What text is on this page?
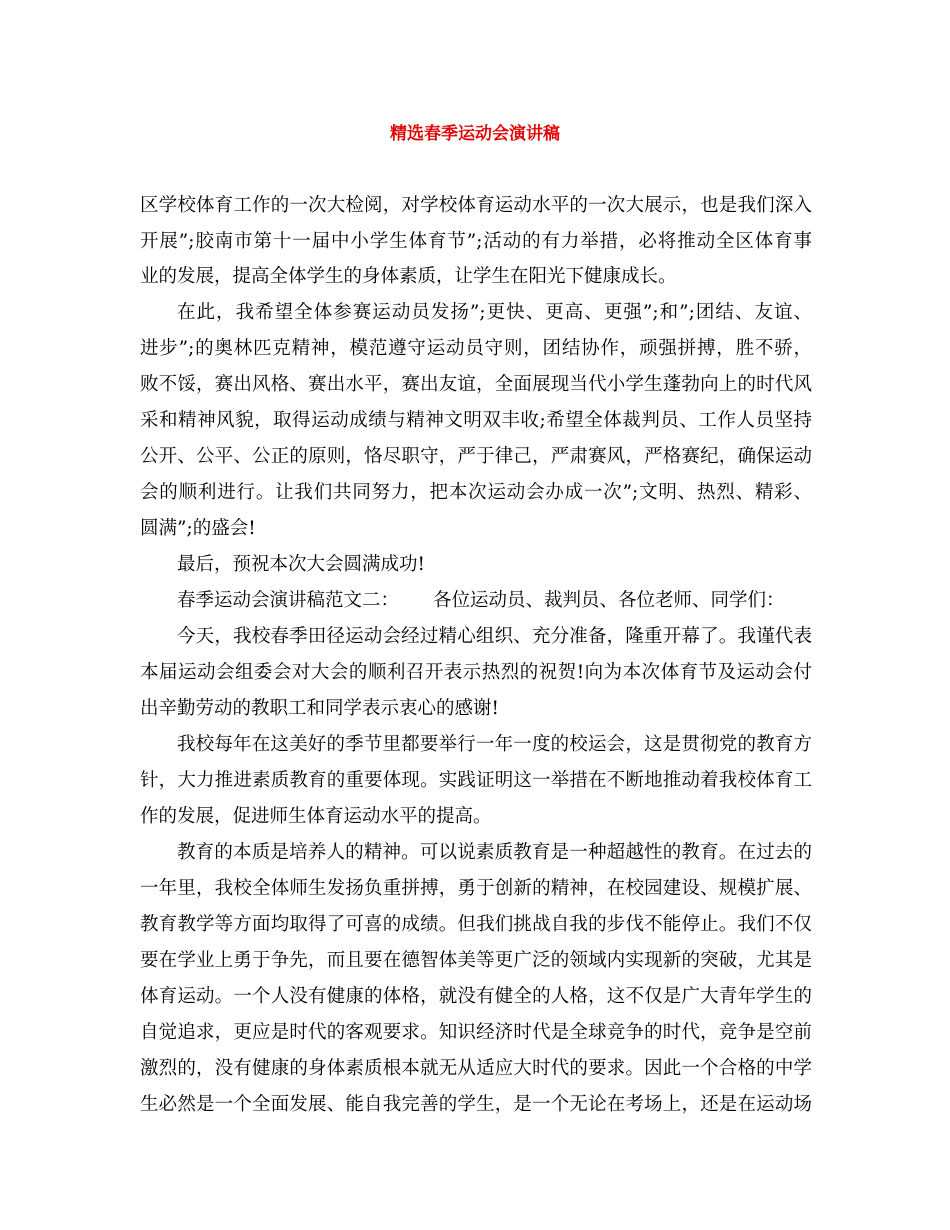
精选春季运动会演讲稿
区学校体育工作的一次大检阅，对学校体育运动水平的一次大展示，也是我们深入
开展”;胶南市第十一届中小学生体育节”;活动的有力举措，必将推动全区体育事
业的发展，提高全体学生的身体素质，让学生在阳光下健康成长。
在此，我希望全体参赛运动员发扬”;更快、更高、更强”;和”;团结、友谊、
进步”;的奥林匹克精神，模范遵守运动员守则，团结协作，顽强拼搏，胜不骄，
败不馁，赛出风格、赛出水平，赛出友谊，全面展现当代小学生蓬勃向上的时代风
采和精神风貌，取得运动成绩与精神文明双丰收;希望全体裁判员、工作人员坚持
公开、公平、公正的原则，恪尽职守，严于律己，严肃赛风，严格赛纪，确保运动
会的顺利进行。让我们共同努力，把本次运动会办成一次”;文明、热烈、精彩、
圆满”;的盛会!
最后，预祝本次大会圆满成功!
春季运动会演讲稿范文二： 各位运动员、裁判员、各位老师、同学们：
今天，我校春季田径运动会经过精心组织、充分准备，隆重开幕了。我谨代表
本届运动会组委会对大会的顺利召开表示热烈的祝贺!向为本次体育节及运动会付
出辛勤劳动的教职工和同学表示衷心的感谢!
我校每年在这美好的季节里都要举行一年一度的校运会，这是贯彻党的教育方
针，大力推进素质教育的重要体现。实践证明这一举措在不断地推动着我校体育工
作的发展，促进师生体育运动水平的提高。
教育的本质是培养人的精神。可以说素质教育是一种超越性的教育。在过去的
一年里，我校全体师生发扬负重拼搏，勇于创新的精神，在校园建设、规模扩展、
教育教学等方面均取得了可喜的成绩。但我们挑战自我的步伐不能停止。我们不仅
要在学业上勇于争先，而且要在德智体美等更广泛的领域内实现新的突破，尤其是
体育运动。一个人没有健康的体格，就没有健全的人格，这不仅是广大青年学生的
自觉追求，更应是时代的客观要求。知识经济时代是全球竞争的时代，竞争是空前
激烈的，没有健康的身体素质根本就无从适应大时代的要求。因此一个合格的中学
生必然是一个全面发展、能自我完善的学生，是一个无论在考场上，还是在运动场
